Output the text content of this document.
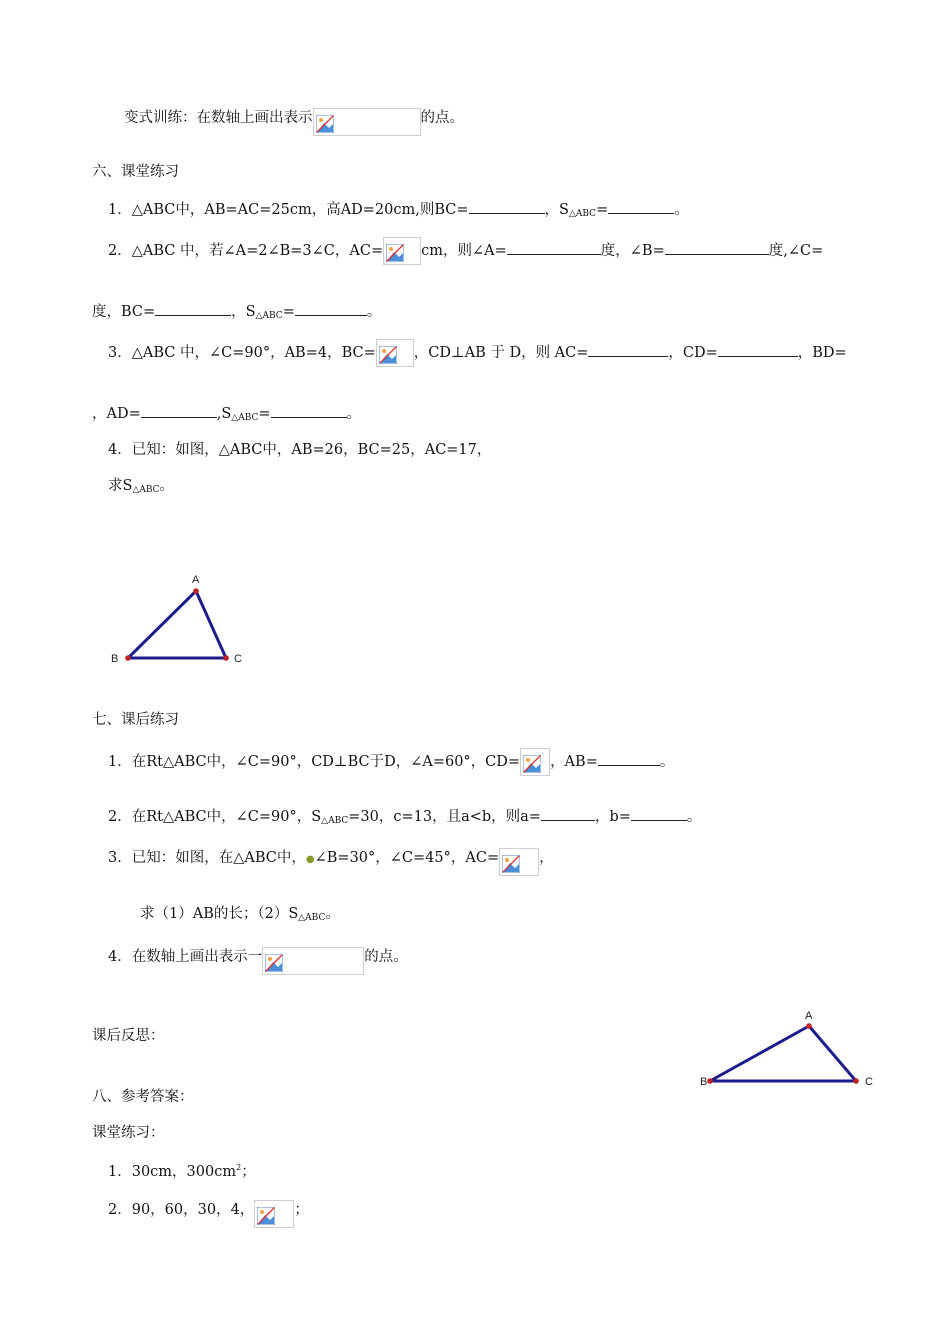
变式训练：在数轴上画出表示	的点。
六、课堂练习
1．△ABC中，AB=AC=25cm，高AD=20cm,则BC=	，$S_{\triangle ABC}=$	。
2．△ABC 中，若∠A=2∠B=3∠C，AC=	cm，则∠A=	度，∠B=	度,∠C=
度，BC=	，$S_{\triangle ABC}=$	。
3．△ABC 中，∠C=90°，AB=4，BC=	，CD⊥AB 于 D，则 AC=	，CD=	，BD=
，AD=	$,S_{\triangle ABC}=$	。
4．已知：如图，△ABC中，AB=26，BC=25，AC=17，
求$S_{\triangle ABC}$。
A
B	C
七、课后练习
1．在Rt△ABC中，∠C=90°，CD⊥BC于D，∠A=60°，CD= ，AB=	。
2．在Rt△ABC中，∠C=90°，$S_{\triangle ABC}=30$，c=13，且a<b，则a=	，b=	。
3．已知：如图，在△ABC中，●∠B=30°，∠C=45°，AC=	，
求（1）AB的长；$(2)S_{\triangle ABC}$。
4．在数轴上画出表示一	的点。
课后反思：
A
B	C
八、参考答案：
课堂练习：
1．30cm，$300cm^2$；
2．90，60，30，4，	；
